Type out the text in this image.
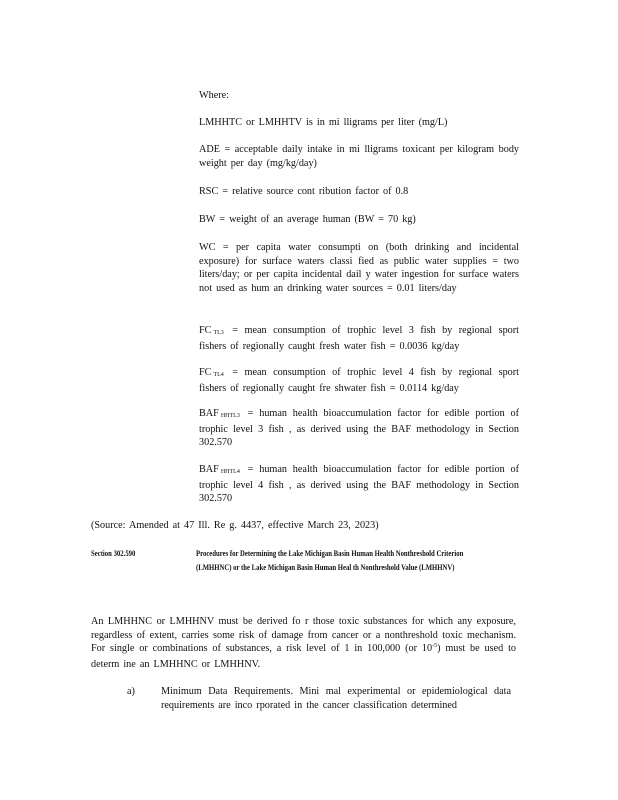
Where:

LMHHTC or LMHHTV is in mi lligrams per liter (mg/L)

ADE = acceptable daily intake in mi lligrams toxicant per kilogram body weight per day (mg/kg/day)

RSC = relative source cont ribution factor of 0.8

BW = weight of an average human (BW = 70 kg)

WC = per capita water consumpti on (both drinking and incidental exposure) for surface waters classi fied as public water supplies = two liters/day; or per capita incidental dail y water ingestion for surface waters not used as hum an drinking water sources = 0.01 liters/day

FC TL3 = mean consumption of trophic level 3 fish by regional sport fishers of regionally caught fresh water fish = 0.0036 kg/day

FC TL4 = mean consumption of trophic level 4 fish by regional sport fishers of regionally caught fre shwater fish = 0.0114 kg/day

BAF HHTL3 = human health bioaccumulation factor for edible portion of trophic level 3 fish , as derived using the BAF methodology in Section 302.570

BAF HHTL4 = human health bioaccumulation factor for edible portion of trophic level 4 fish , as derived using the BAF methodology in Section 302.570

(Source: Amended at 47 Ill. Re g. 4437, effective March 23, 2023)

Section 302.590	Procedures for Determining the Lake Michigan Basin Human Health Nonthreshold Criterion (LMHHNC) or the Lake Michigan Basin Human Heal th Nonthreshold Value (LMHHNV)

An LMHHNC or LMHHNV must be derived fo r those toxic substances for which any exposure, regardless of extent, carries some risk of damage from cancer or a nonthreshold toxic mechanism. For single or combinations of substances, a risk level of 1 in 100,000 (or $10^{-5}$) must be used to determ ine an LMHHNC or LMHHNV.

a)	Minimum Data Requirements. Mini mal experimental or epidemiological data requirements are inco rporated in the cancer classification determined
